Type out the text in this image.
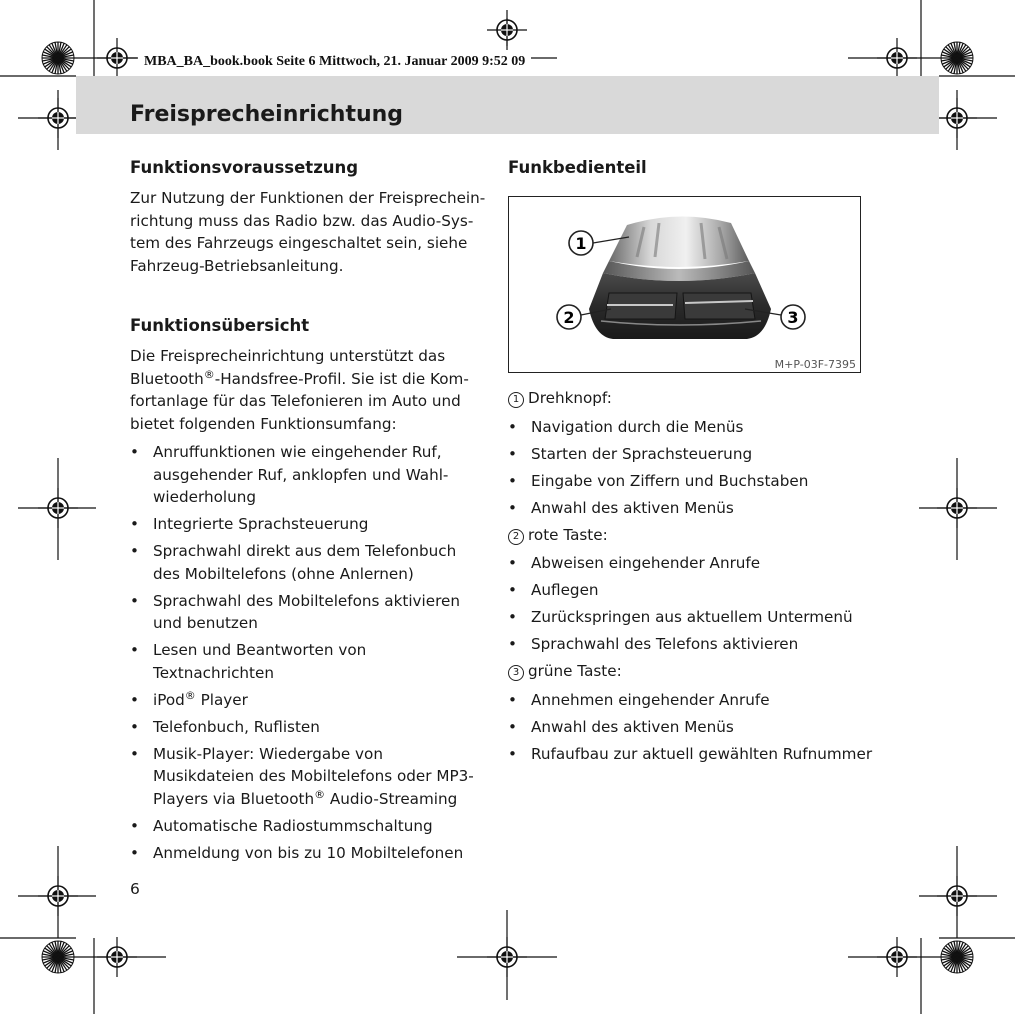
MBA_BA_book.book Seite 6 Mittwoch, 21. Januar 2009 9:52 09
Freisprecheinrichtung
Funktionsvoraussetzung

Zur Nutzung der Funktionen der Freisprechein-richtung muss das Radio bzw. das Audio-Sys-tem des Fahrzeugs eingeschaltet sein, siehe Fahrzeug-Betriebsanleitung.

Funktionsübersicht

Die Freisprecheinrichtung unterstützt das Bluetooth®-Handsfree-Profil. Sie ist die Kom-fortanlage für das Telefonieren im Auto und bietet folgenden Funktionsumfang:

• Anruffunktionen wie eingehender Ruf, ausgehender Ruf, anklopfen und Wahl-wiederholung
• Integrierte Sprachsteuerung
• Sprachwahl direkt aus dem Telefonbuch des Mobiltelefons (ohne Anlernen)
• Sprachwahl des Mobiltelefons aktivieren und benutzen
• Lesen und Beantworten von Textnachrichten
• iPod® Player
• Telefonbuch, Ruflisten
• Musik-Player: Wiedergabe von Musikdateien des Mobiltelefons oder MP3-Players via Bluetooth® Audio-Streaming
• Automatische Radiostummschaltung
• Anmeldung von bis zu 10 Mobiltelefonen
Funkbedienteil
1
2	3
M+P-03F-7395
1 Drehknopf:
• Navigation durch die Menüs
• Starten der Sprachsteuerung
• Eingabe von Ziffern und Buchstaben
• Anwahl des aktiven Menüs
2 rote Taste:
• Abweisen eingehender Anrufe
• Auflegen
• Zurückspringen aus aktuellem Untermenü
• Sprachwahl des Telefons aktivieren
3 grüne Taste:
• Annehmen eingehender Anrufe
• Anwahl des aktiven Menüs
• Rufaufbau zur aktuell gewählten Rufnummer
6
